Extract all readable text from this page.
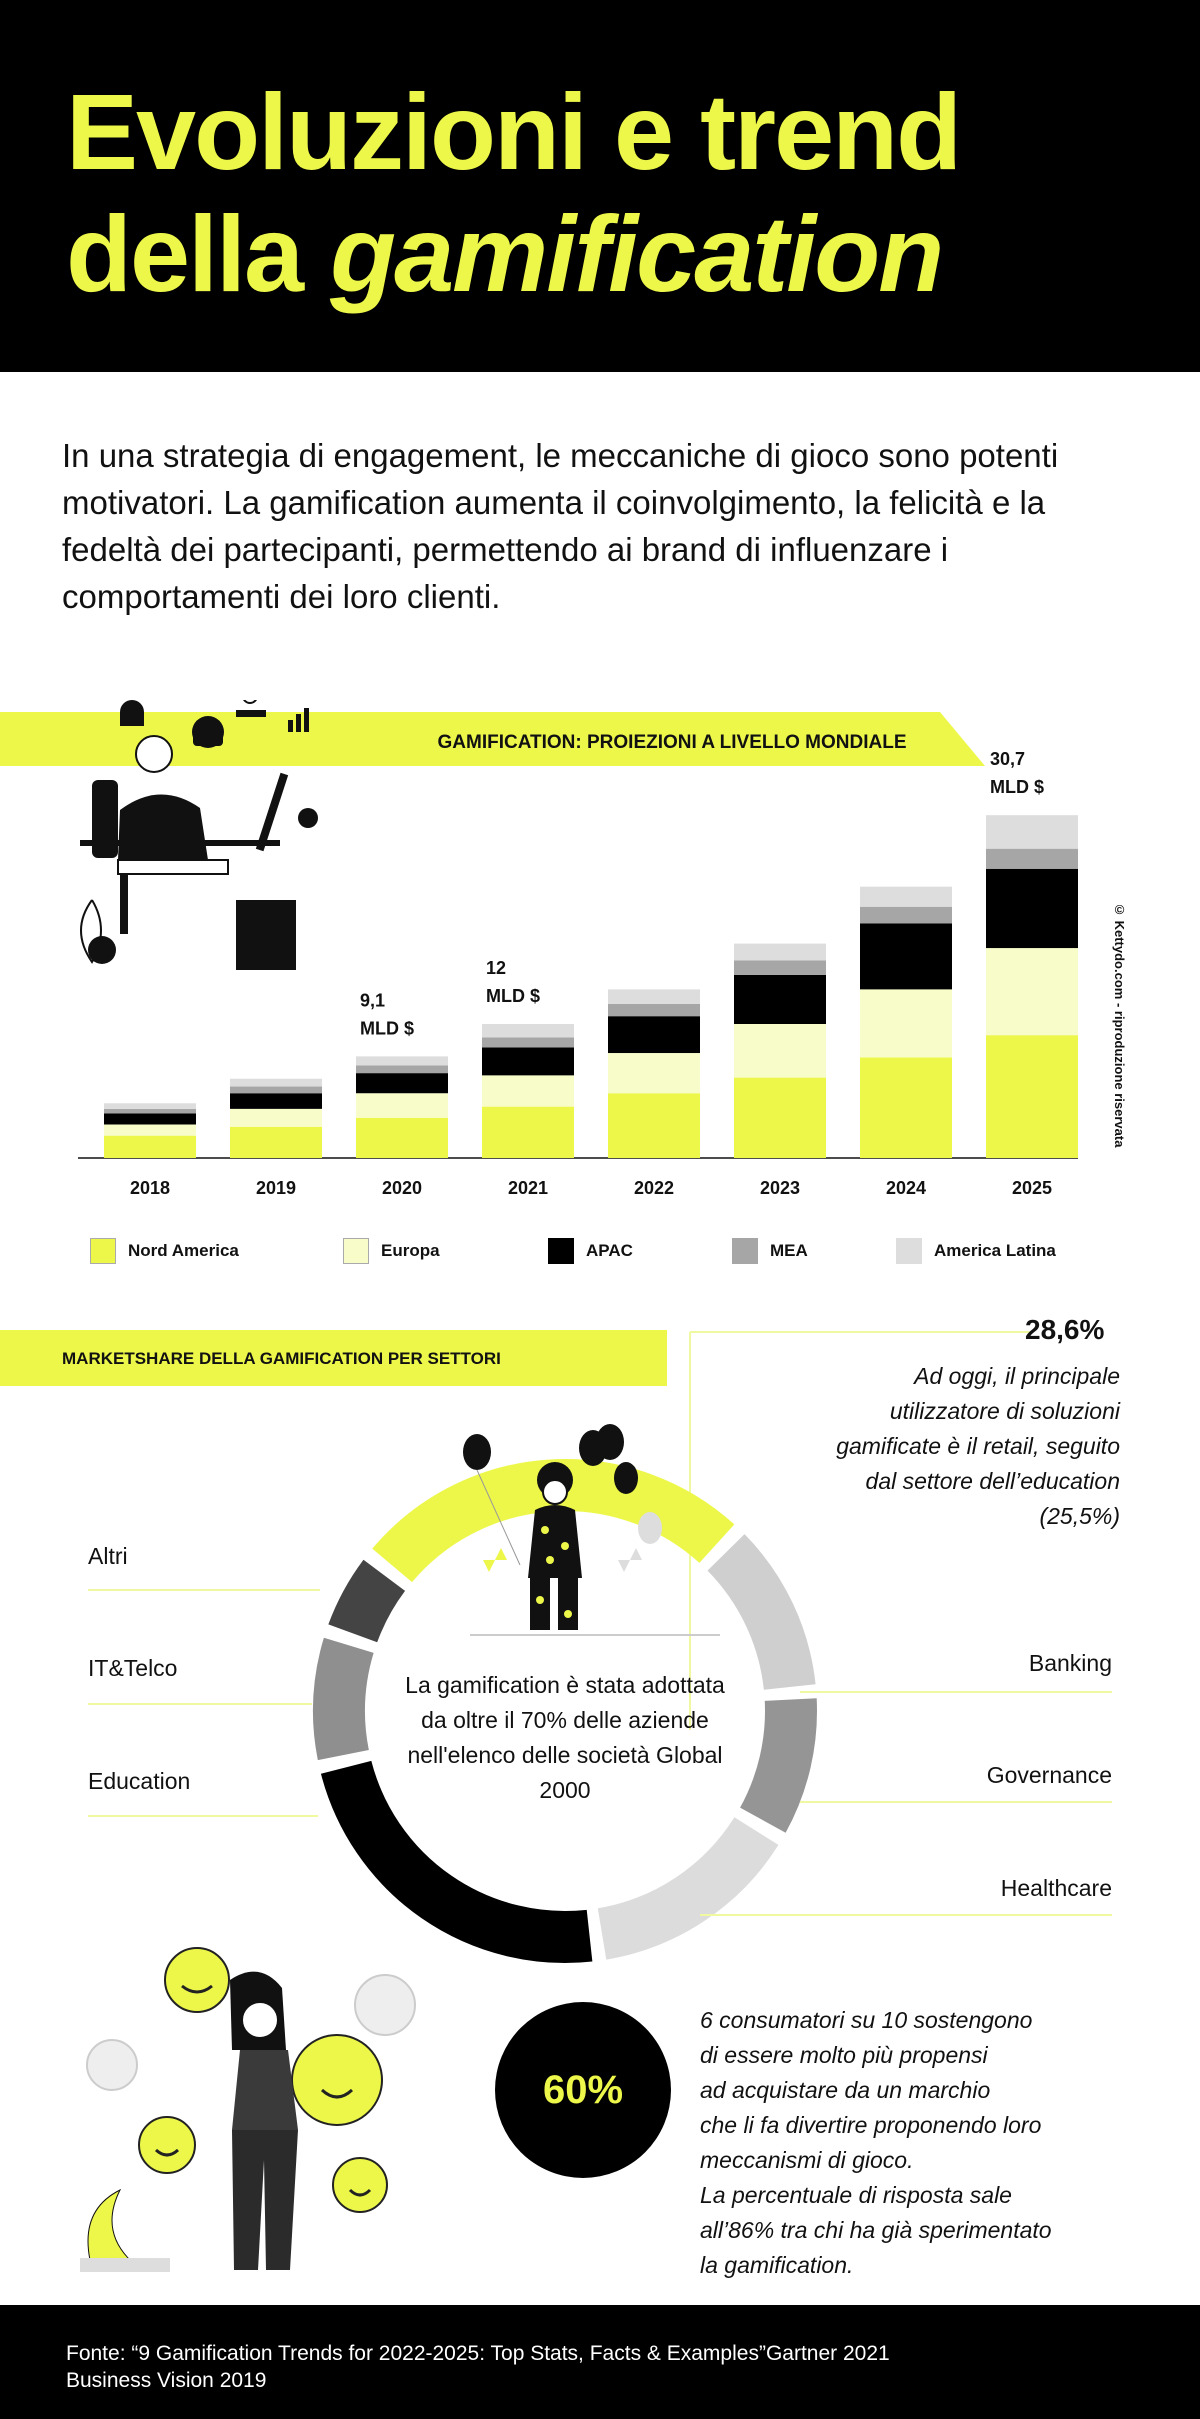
Evoluzioni e trend
della gamification
In una strategia di engagement, le meccaniche di gioco sono potenti motivatori. La gamification aumenta il coinvolgimento, la felicità e la fedeltà dei partecipanti, permettendo ai brand di influenzare i comportamenti dei loro clienti.
GAMIFICATION: PROIEZIONI A LIVELLO MONDIALE
2018	2019	2020	2021	2022	2023	2024	2025
9,1
MLD $
12
MLD $
30,7
MLD $
© Kettydo.com - riproduzione riservata
Nord America	Europa	APAC	MEA	America Latina
MARKETSHARE DELLA GAMIFICATION PER SETTORI
28,6%
Ad oggi, il principale
utilizzatore di soluzioni
gamificate è il retail, seguito
dal settore dell’education
(25,5%)
Altri
IT&Telco
Education
Banking
Governance
Healthcare
La gamification è stata adottata da oltre il 70% delle aziende nell'elenco delle società Global 2000
60%
6 consumatori su 10 sostengono
di essere molto più propensi
ad acquistare da un marchio
che li fa divertire proponendo loro
meccanismi di gioco.
La percentuale di risposta sale
all’86% tra chi ha già sperimentato
la gamification.
Fonte: “9 Gamification Trends for 2022-2025: Top Stats, Facts & Examples”Gartner 2021
Business Vision 2019
